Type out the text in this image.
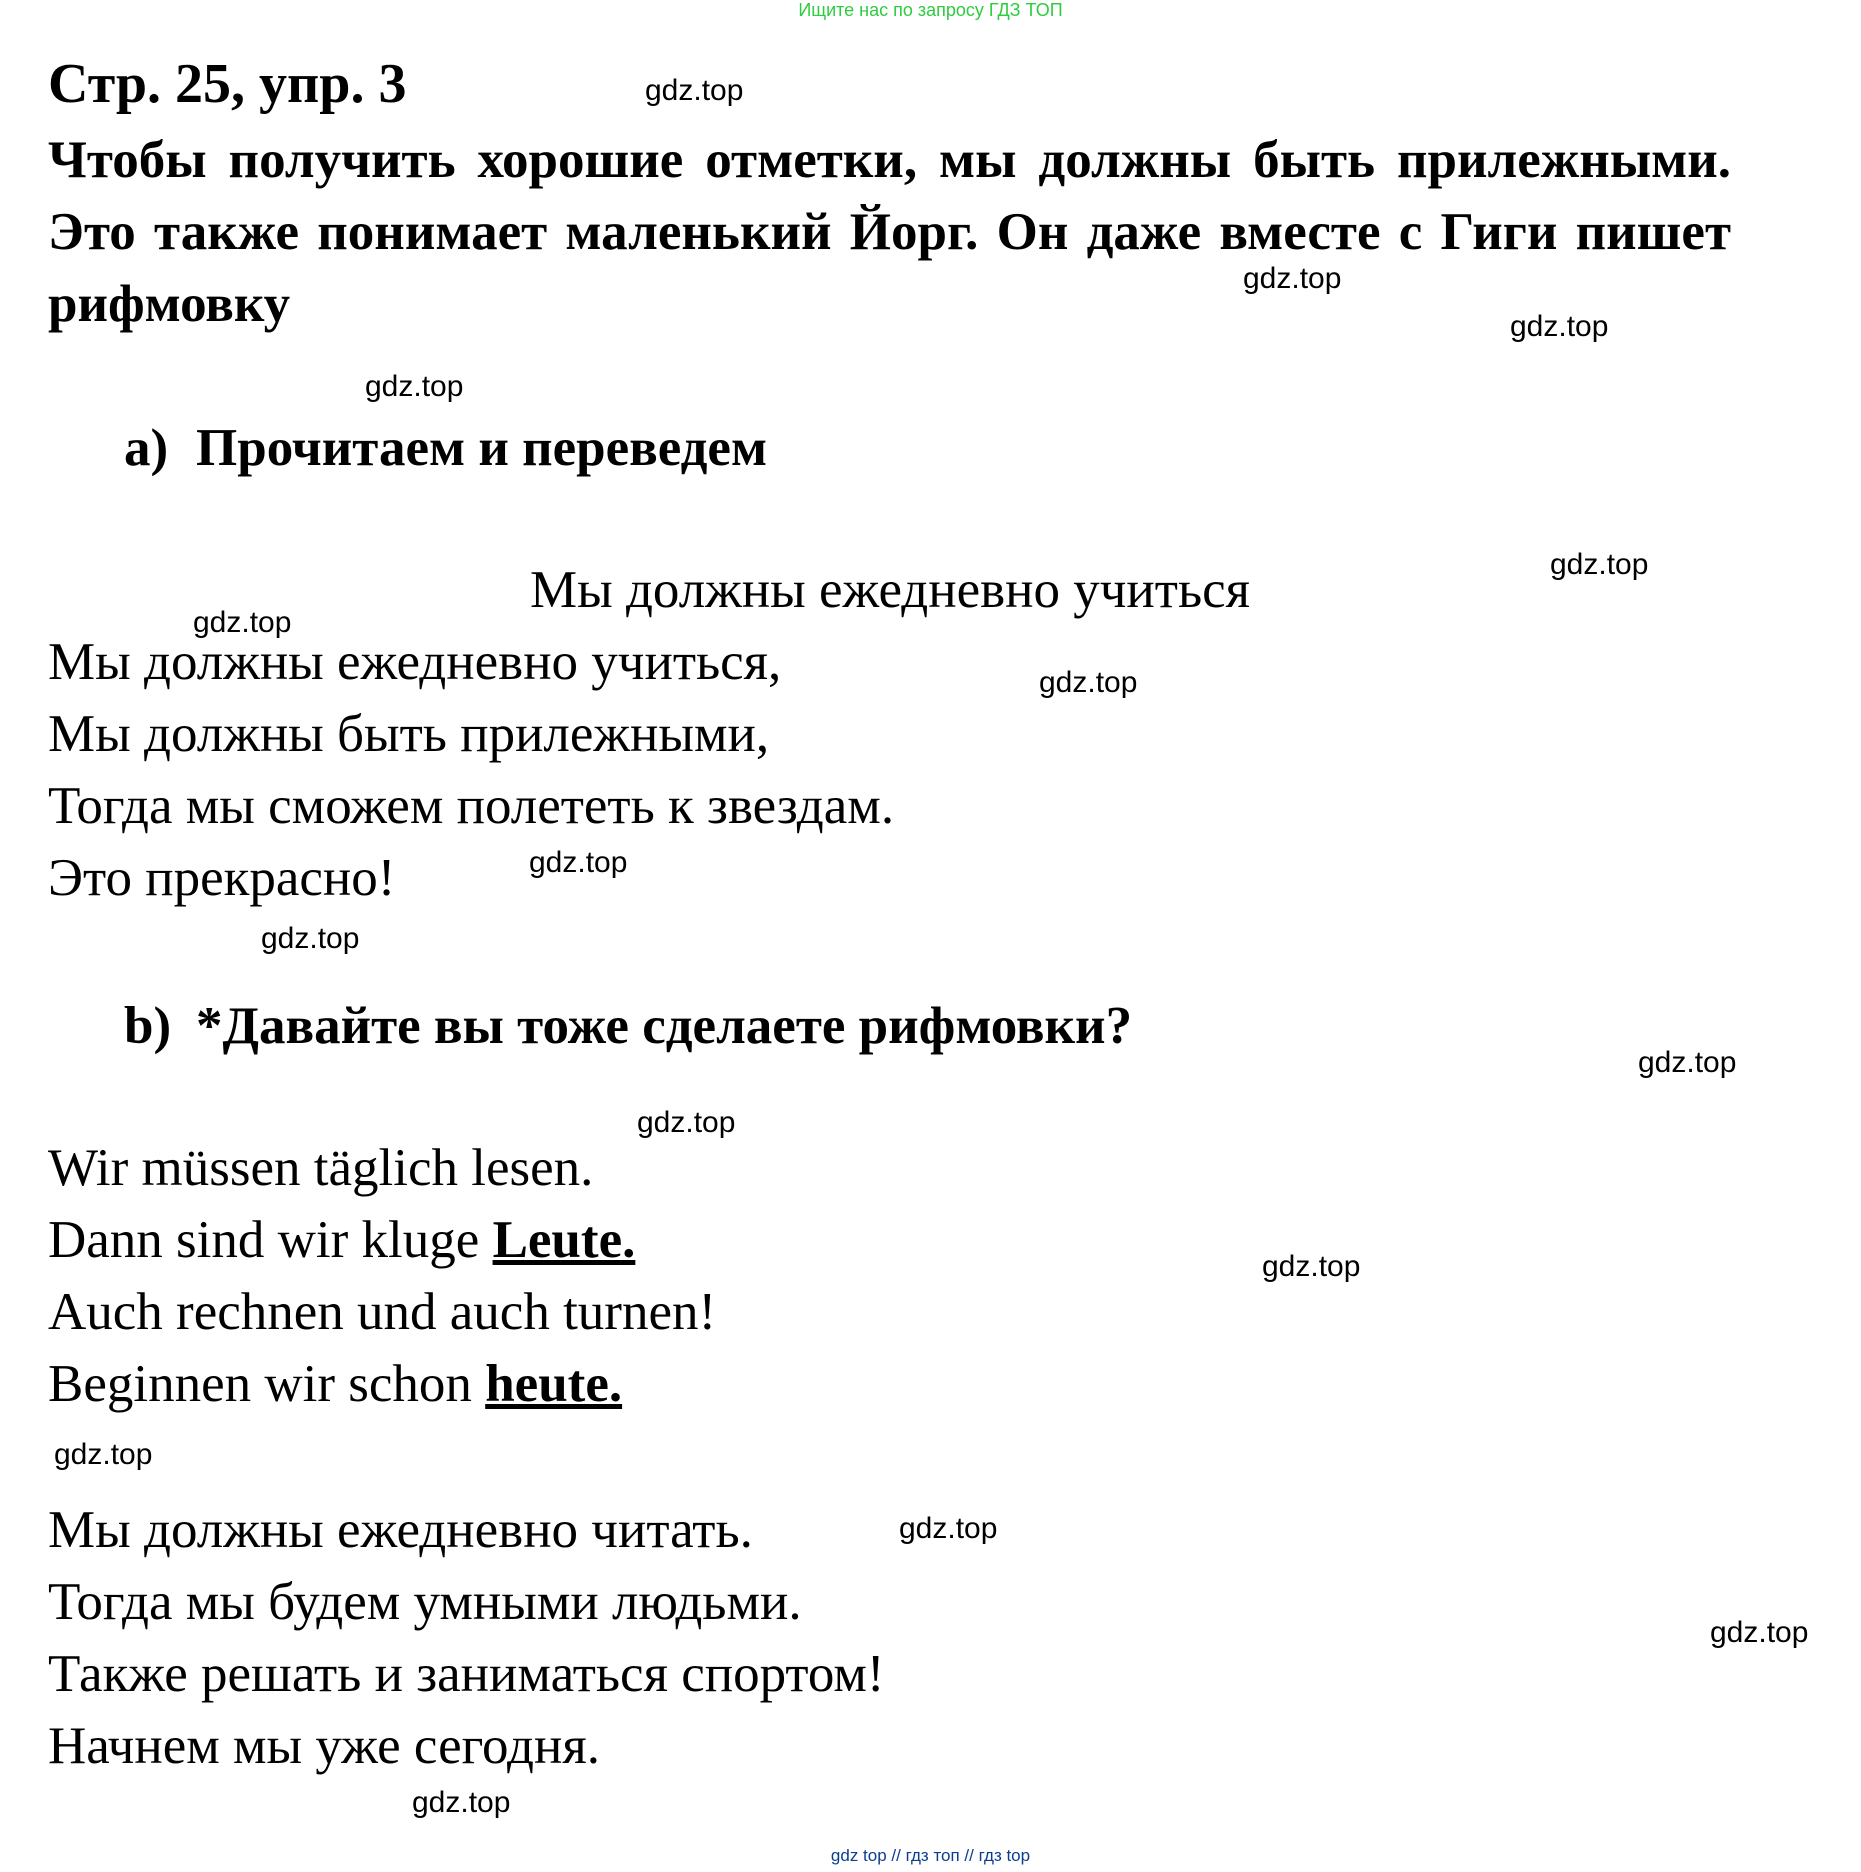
Ищите нас по запросу ГДЗ ТОП
Стр. 25, упр. 3
Чтобы получить хорошие отметки, мы должны быть прилежными. Это также понимает маленький Йорг. Он даже вместе с Гиги пишет рифмовку
a) Прочитаем и переведем
Мы должны ежедневно учиться
Мы должны ежедневно учиться,
Мы должны быть прилежными,
Тогда мы сможем полететь к звездам.
Это прекрасно!
b) *Давайте вы тоже сделаете рифмовки?
Wir müssen täglich lesen.
Dann sind wir kluge Leute.
Auch rechnen und auch turnen!
Beginnen wir schon heute.
Мы должны ежедневно читать.
Тогда мы будем умными людьми.
Также решать и заниматься спортом!
Начнем мы уже сегодня.
gdz.top
gdz.top
gdz.top
gdz.top
gdz.top
gdz.top
gdz.top
gdz.top
gdz.top
gdz.top
gdz.top
gdz.top
gdz.top
gdz.top
gdz.top
gdz.top
gdz top // гдз топ // гдз top
